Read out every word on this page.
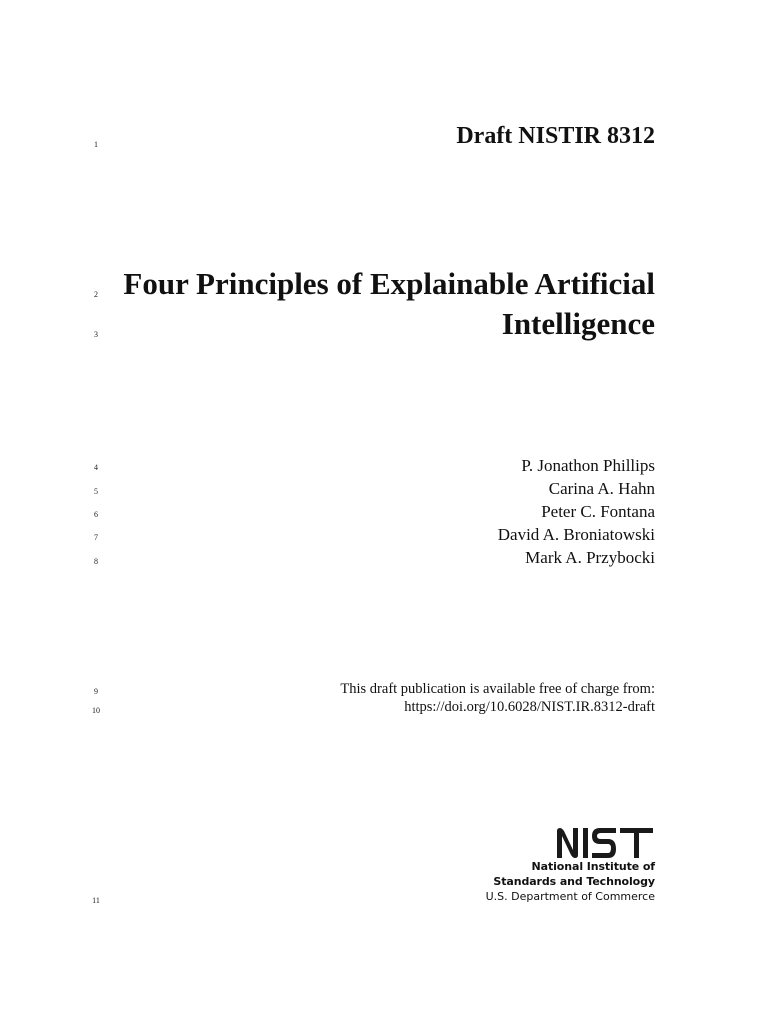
1
2
3
4
5
6
7
8
9
10
11
Draft NISTIR 8312
Four Principles of Explainable Artificial
Intelligence
P. Jonathon Phillips
Carina A. Hahn
Peter C. Fontana
David A. Broniatowski
Mark A. Przybocki
This draft publication is available free of charge from:
https://doi.org/10.6028/NIST.IR.8312-draft
National Institute of
Standards and Technology
U.S. Department of Commerce
